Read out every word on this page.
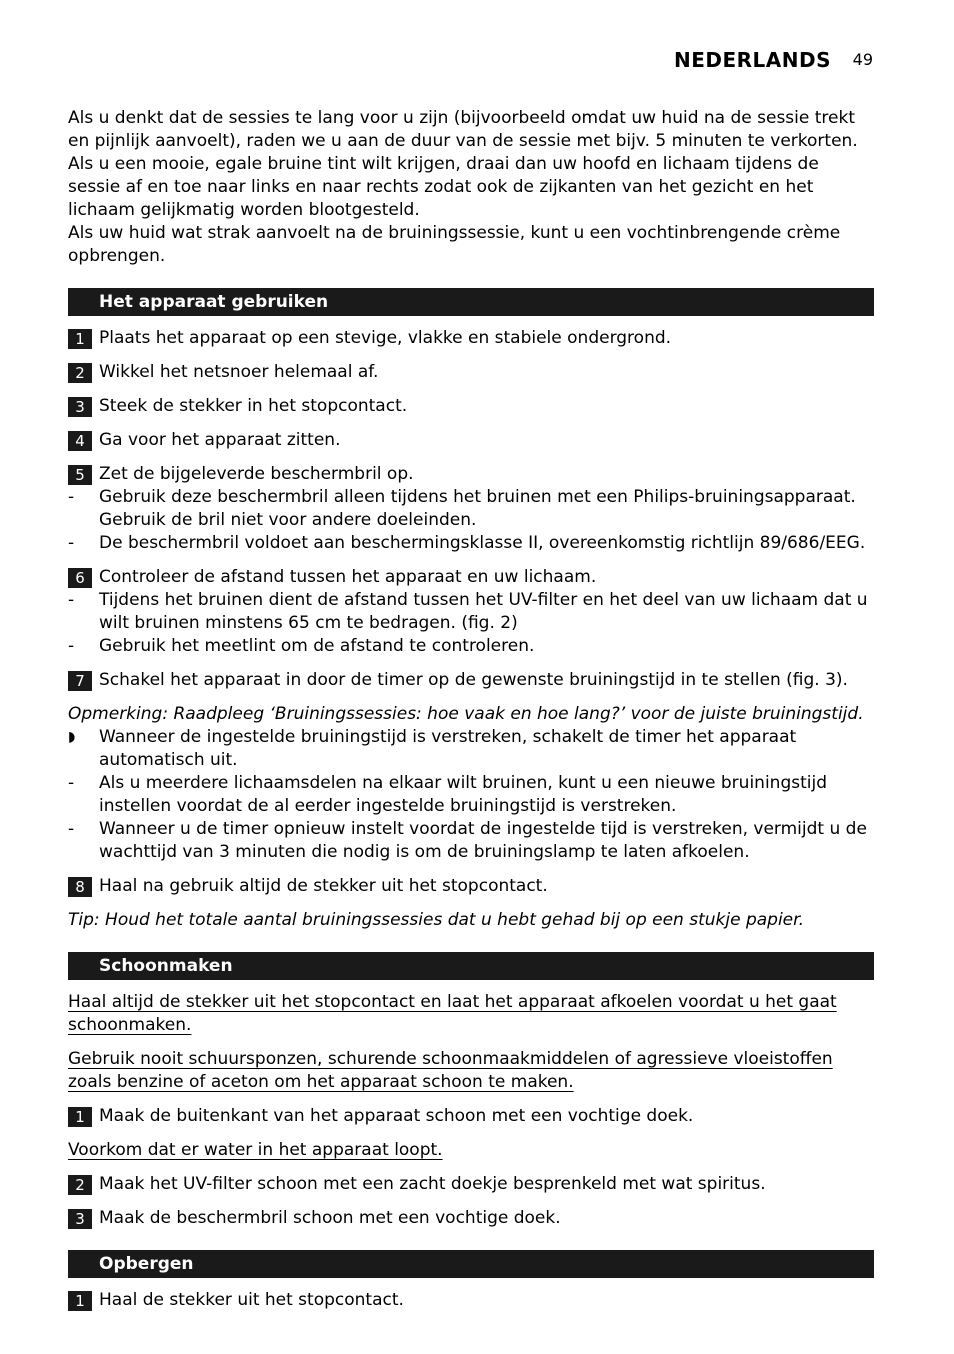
NEDERLANDS 49
Als u denkt dat de sessies te lang voor u zijn (bijvoorbeeld omdat uw huid na de sessie trekt en pijnlijk aanvoelt), raden we u aan de duur van de sessie met bijv. 5 minuten te verkorten.
Als u een mooie, egale bruine tint wilt krijgen, draai dan uw hoofd en lichaam tijdens de sessie af en toe naar links en naar rechts zodat ook de zijkanten van het gezicht en het lichaam gelijkmatig worden blootgesteld.
Als uw huid wat strak aanvoelt na de bruiningssessie, kunt u een vochtinbrengende crème opbrengen.
Het apparaat gebruiken
1 Plaats het apparaat op een stevige, vlakke en stabiele ondergrond.
2 Wikkel het netsnoer helemaal af.
3 Steek de stekker in het stopcontact.
4 Ga voor het apparaat zitten.
5 Zet de bijgeleverde beschermbril op.
- Gebruik deze beschermbril alleen tijdens het bruinen met een Philips-bruiningsapparaat. Gebruik de bril niet voor andere doeleinden.
- De beschermbril voldoet aan beschermingsklasse II, overeenkomstig richtlijn 89/686/EEG.
6 Controleer de afstand tussen het apparaat en uw lichaam.
- Tijdens het bruinen dient de afstand tussen het UV-filter en het deel van uw lichaam dat u wilt bruinen minstens 65 cm te bedragen. (fig. 2)
- Gebruik het meetlint om de afstand te controleren.
7 Schakel het apparaat in door de timer op de gewenste bruiningstijd in te stellen (fig. 3).
Opmerking: Raadpleeg ‘Bruiningssessies: hoe vaak en hoe lang?’ voor de juiste bruiningstijd.
◗ Wanneer de ingestelde bruiningstijd is verstreken, schakelt de timer het apparaat automatisch uit.
- Als u meerdere lichaamsdelen na elkaar wilt bruinen, kunt u een nieuwe bruiningstijd instellen voordat de al eerder ingestelde bruiningstijd is verstreken.
- Wanneer u de timer opnieuw instelt voordat de ingestelde tijd is verstreken, vermijdt u de wachttijd van 3 minuten die nodig is om de bruiningslamp te laten afkoelen.
8 Haal na gebruik altijd de stekker uit het stopcontact.
Tip: Houd het totale aantal bruiningssessies dat u hebt gehad bij op een stukje papier.
Schoonmaken
Haal altijd de stekker uit het stopcontact en laat het apparaat afkoelen voordat u het gaat schoonmaken.
Gebruik nooit schuursponzen, schurende schoonmaakmiddelen of agressieve vloeistoffen zoals benzine of aceton om het apparaat schoon te maken.
1 Maak de buitenkant van het apparaat schoon met een vochtige doek.
Voorkom dat er water in het apparaat loopt.
2 Maak het UV-filter schoon met een zacht doekje besprenkeld met wat spiritus.
3 Maak de beschermbril schoon met een vochtige doek.
Opbergen
1 Haal de stekker uit het stopcontact.
